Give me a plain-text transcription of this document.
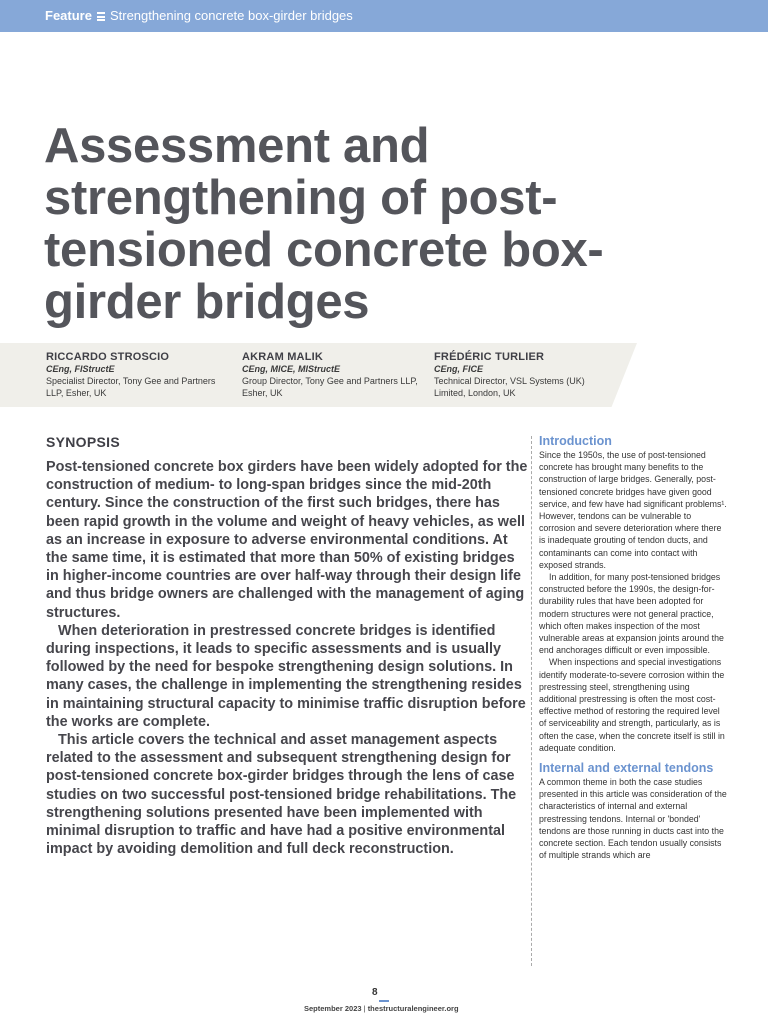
Feature Strengthening concrete box-girder bridges
Assessment and strengthening of post-tensioned concrete box-girder bridges
RICCARDO STROSCIO
CEng, FIStructE
Specialist Director, Tony Gee and Partners LLP, Esher, UK
AKRAM MALIK
CEng, MICE, MIStructE
Group Director, Tony Gee and Partners LLP, Esher, UK
FRÉDÉRIC TURLIER
CEng, FICE
Technical Director, VSL Systems (UK) Limited, London, UK
SYNOPSIS

Post-tensioned concrete box girders have been widely adopted for the construction of medium- to long-span bridges since the mid-20th century. Since the construction of the first such bridges, there has been rapid growth in the volume and weight of heavy vehicles, as well as an increase in exposure to adverse environmental conditions. At the same time, it is estimated that more than 50% of existing bridges in higher-income countries are over half-way through their design life and thus bridge owners are challenged with the management of aging structures.

When deterioration in prestressed concrete bridges is identified during inspections, it leads to specific assessments and is usually followed by the need for bespoke strengthening design solutions. In many cases, the challenge in implementing the strengthening resides in maintaining structural capacity to minimise traffic disruption before the works are complete.

This article covers the technical and asset management aspects related to the assessment and subsequent strengthening design for post-tensioned concrete box-girder bridges through the lens of case studies on two successful post-tensioned bridge rehabilitations. The strengthening solutions presented have been implemented with minimal disruption to traffic and have had a positive environmental impact by avoiding demolition and full deck reconstruction.

Introduction

Since the 1950s, the use of post-tensioned concrete has brought many benefits to the construction of large bridges. Generally, post-tensioned concrete bridges have given good service, and few have had significant problems¹. However, tendons can be vulnerable to corrosion and severe deterioration where there is inadequate grouting of tendon ducts, and contaminants can come into contact with exposed strands.

In addition, for many post-tensioned bridges constructed before the 1990s, the design-for-durability rules that have been adopted for modern structures were not general practice, which often makes inspection of the most vulnerable areas at expansion joints around the end anchorages difficult or even impossible.

When inspections and special investigations identify moderate-to-severe corrosion within the prestressing steel, strengthening using additional prestressing is often the most cost-effective method of restoring the required level of serviceability and strength, particularly, as is often the case, when the concrete itself is still in adequate condition.

Internal and external tendons

A common theme in both the case studies presented in this article was consideration of the characteristics of internal and external prestressing tendons. Internal or 'bonded' tendons are those running in ducts cast into the concrete section. Each tendon usually consists of multiple strands which are

8
September 2023 | thestructuralengineer.org
